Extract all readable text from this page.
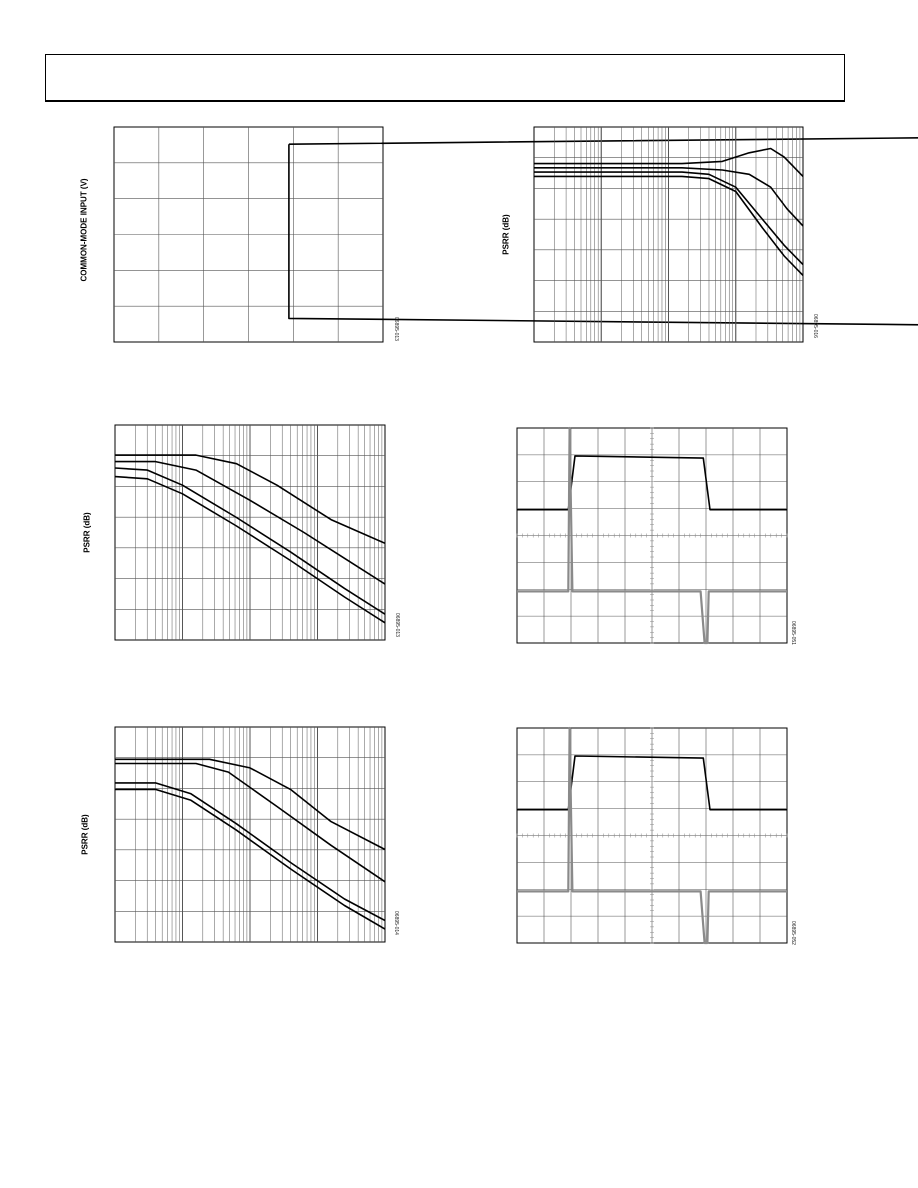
COMMON-MODE INPUT (V)
06895-013
PSRR (dB)
06895-016
PSRR (dB)
06895-013	06895-051
PSRR (dB)
06895-014	06895-052
